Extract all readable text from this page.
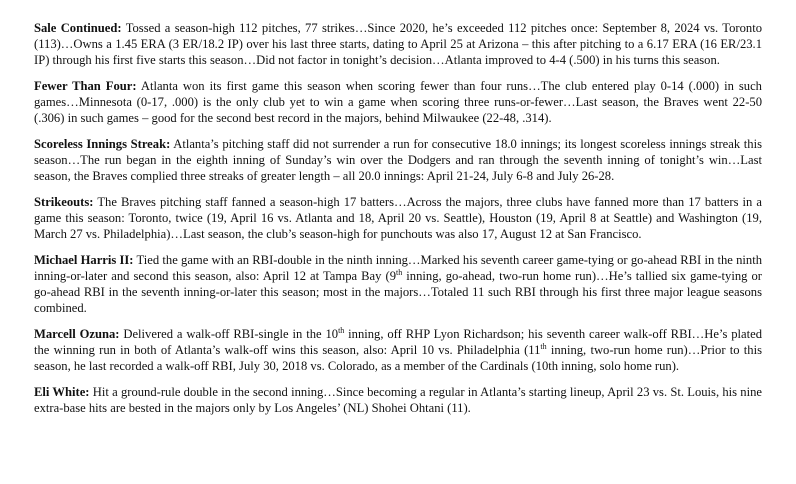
Sale Continued: Tossed a season-high 112 pitches, 77 strikes…Since 2020, he’s exceeded 112 pitches once: September 8, 2024 vs. Toronto (113)…Owns a 1.45 ERA (3 ER/18.2 IP) over his last three starts, dating to April 25 at Arizona – this after pitching to a 6.17 ERA (16 ER/23.1 IP) through his first five starts this season…Did not factor in tonight’s decision…Atlanta improved to 4-4 (.500) in his turns this season.

Fewer Than Four: Atlanta won its first game this season when scoring fewer than four runs…The club entered play 0-14 (.000) in such games…Minnesota (0-17, .000) is the only club yet to win a game when scoring three runs-or-fewer…Last season, the Braves went 22-50 (.306) in such games – good for the second best record in the majors, behind Milwaukee (22-48, .314).

Scoreless Innings Streak: Atlanta’s pitching staff did not surrender a run for consecutive 18.0 innings; its longest scoreless innings streak this season…The run began in the eighth inning of Sunday’s win over the Dodgers and ran through the seventh inning of tonight’s win…Last season, the Braves complied three streaks of greater length – all 20.0 innings: April 21-24, July 6-8 and July 26-28.

Strikeouts: The Braves pitching staff fanned a season-high 17 batters…Across the majors, three clubs have fanned more than 17 batters in a game this season: Toronto, twice (19, April 16 vs. Atlanta and 18, April 20 vs. Seattle), Houston (19, April 8 at Seattle) and Washington (19, March 27 vs. Philadelphia)…Last season, the club’s season-high for punchouts was also 17, August 12 at San Francisco.

Michael Harris II: Tied the game with an RBI-double in the ninth inning…Marked his seventh career game-tying or go-ahead RBI in the ninth inning-or-later and second this season, also: April 12 at Tampa Bay (9th inning, go-ahead, two-run home run)…He’s tallied six game-tying or go-ahead RBI in the seventh inning-or-later this season; most in the majors…Totaled 11 such RBI through his first three major league seasons combined.

Marcell Ozuna: Delivered a walk-off RBI-single in the 10th inning, off RHP Lyon Richardson; his seventh career walk-off RBI…He’s plated the winning run in both of Atlanta’s walk-off wins this season, also: April 10 vs. Philadelphia (11th inning, two-run home run)…Prior to this season, he last recorded a walk-off RBI, July 30, 2018 vs. Colorado, as a member of the Cardinals (10th inning, solo home run).

Eli White: Hit a ground-rule double in the second inning…Since becoming a regular in Atlanta’s starting lineup, April 23 vs. St. Louis, his nine extra-base hits are bested in the majors only by Los Angeles’ (NL) Shohei Ohtani (11).
